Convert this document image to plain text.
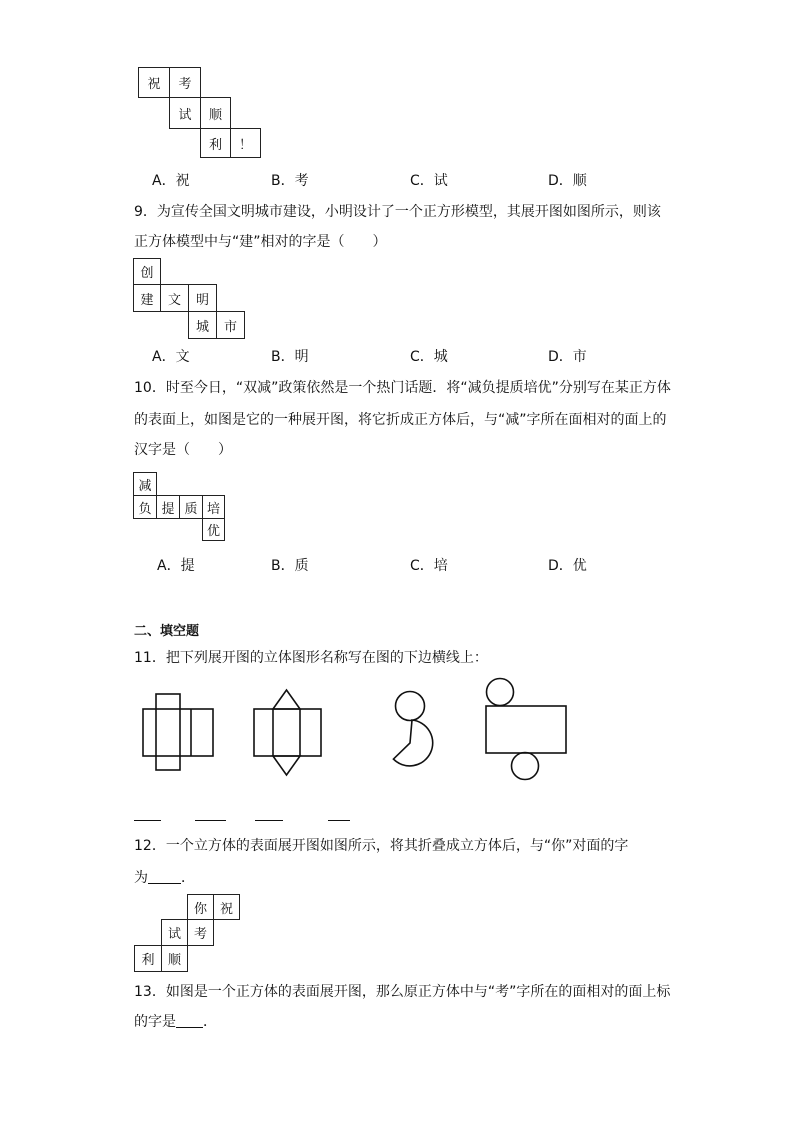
祝	考
试	顺
利	！
A．祝	B．考	C．试	D．顺
9．为宣传全国文明城市建设，小明设计了一个正方形模型，其展开图如图所示，则该
正方体模型中与“建”相对的字是（　　）
创
建	文	明
城	市
A．文	B．明	C．城	D．市
10．时至今日，“双减”政策依然是一个热门话题．将“减负提质培优”分别写在某正方体
的表面上，如图是它的一种展开图，将它折成正方体后，与“减”字所在面相对的面上的
汉字是（　　）
减
负 提 质 培
优
A．提	B．质	C．培	D．优
二、填空题
11．把下列展开图的立体图形名称写在图的下边横线上：
12．一个立方体的表面展开图如图所示，将其折叠成立方体后，与“你”对面的字
为 ．
你 祝
试 考
利	顺
13．如图是一个正方体的表面展开图，那么原正方体中与“考”字所在的面相对的面上标
的字是 ．
